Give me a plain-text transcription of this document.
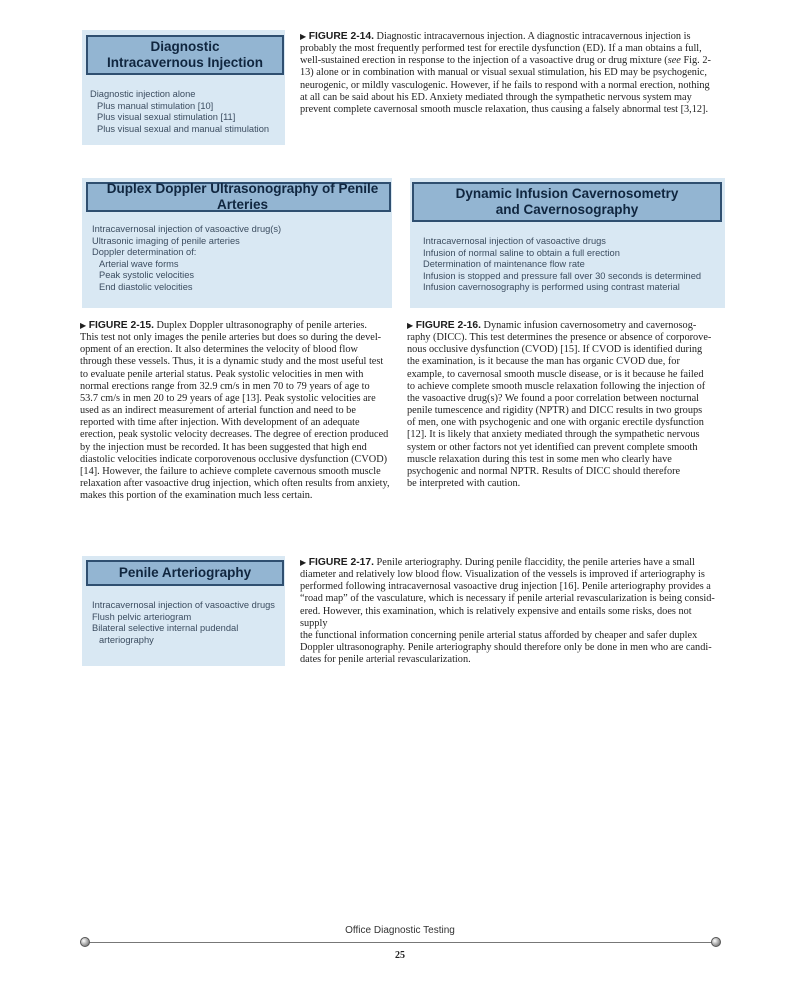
Diagnostic
Intracavernous Injection
Diagnostic injection alone
Plus manual stimulation [10]
Plus visual sexual stimulation [11]
Plus visual sexual and manual stimulation
▶ FIGURE 2-14. Diagnostic intracavernous injection. A diagnostic intracavernous injection is
probably the most frequently performed test for erectile dysfunction (ED). If a man obtains a full,
well-sustained erection in response to the injection of a vasoactive drug or drug mixture (see Fig. 2-
13) alone or in combination with manual or visual sexual stimulation, his ED may be psychogenic,
neurogenic, or mildly vasculogenic. However, if he fails to respond with a normal erection, nothing
at all can be said about his ED. Anxiety mediated through the sympathetic nervous system may
prevent complete cavernosal smooth muscle relaxation, thus causing a falsely abnormal test [3,12].
Duplex Doppler Ultrasonography of Penile Arteries
Intracavernosal injection of vasoactive drug(s)
Ultrasonic imaging of penile arteries
Doppler determination of:
Arterial wave forms
Peak systolic velocities
End diastolic velocities
Dynamic Infusion Cavernosometry
and Cavernosography
Intracavernosal injection of vasoactive drugs
Infusion of normal saline to obtain a full erection
Determination of maintenance flow rate
Infusion is stopped and pressure fall over 30 seconds is determined
Infusion cavernosography is performed using contrast material
▶ FIGURE 2-15. Duplex Doppler ultrasonography of penile arteries.
This test not only images the penile arteries but does so during the devel-
opment of an erection. It also determines the velocity of blood flow
through these vessels. Thus, it is a dynamic study and the most useful test
to evaluate penile arterial status. Peak systolic velocities in men with
normal erections range from 32.9 cm/s in men 70 to 79 years of age to
53.7 cm/s in men 20 to 29 years of age [13]. Peak systolic velocities are
used as an indirect measurement of arterial function and need to be
reported with time after injection. With development of an adequate
erection, peak systolic velocity decreases. The degree of erection produced
by the injection must be recorded. It has been suggested that high end
diastolic velocities indicate corporovenous occlusive dysfunction (CVOD)
[14]. However, the failure to achieve complete cavernous smooth muscle
relaxation after vasoactive drug injection, which often results from anxiety,
makes this portion of the examination much less certain.
▶ FIGURE 2-16. Dynamic infusion cavernosometry and cavernosog-
raphy (DICC). This test determines the presence or absence of corporove-
nous occlusive dysfunction (CVOD) [15]. If CVOD is identified during
the examination, is it because the man has organic CVOD due, for
example, to cavernosal smooth muscle disease, or is it because he failed
to achieve complete smooth muscle relaxation following the injection of
the vasoactive drug(s)? We found a poor correlation between nocturnal
penile tumescence and rigidity (NPTR) and DICC results in two groups
of men, one with psychogenic and one with organic erectile dysfunction
[12]. It is likely that anxiety mediated through the sympathetic nervous
system or other factors not yet identified can prevent complete smooth
muscle relaxation during this test in some men who clearly have
psychogenic and normal NPTR. Results of DICC should therefore
be interpreted with caution.
Penile Arteriography
Intracavernosal injection of vasoactive drugs
Flush pelvic arteriogram
Bilateral selective internal pudendal
arteriography
▶ FIGURE 2-17. Penile arteriography. During penile flaccidity, the penile arteries have a small
diameter and relatively low blood flow. Visualization of the vessels is improved if arteriography is
performed following intracavernosal vasoactive drug injection [16]. Penile arteriography provides a
“road map” of the vasculature, which is necessary if penile arterial revascularization is being consid-
ered. However, this examination, which is relatively expensive and entails some risks, does not supply
the functional information concerning penile arterial status afforded by cheaper and safer duplex
Doppler ultrasonography. Penile arteriography should therefore only be done in men who are candi-
dates for penile arterial revascularization.
Office Diagnostic Testing
25
